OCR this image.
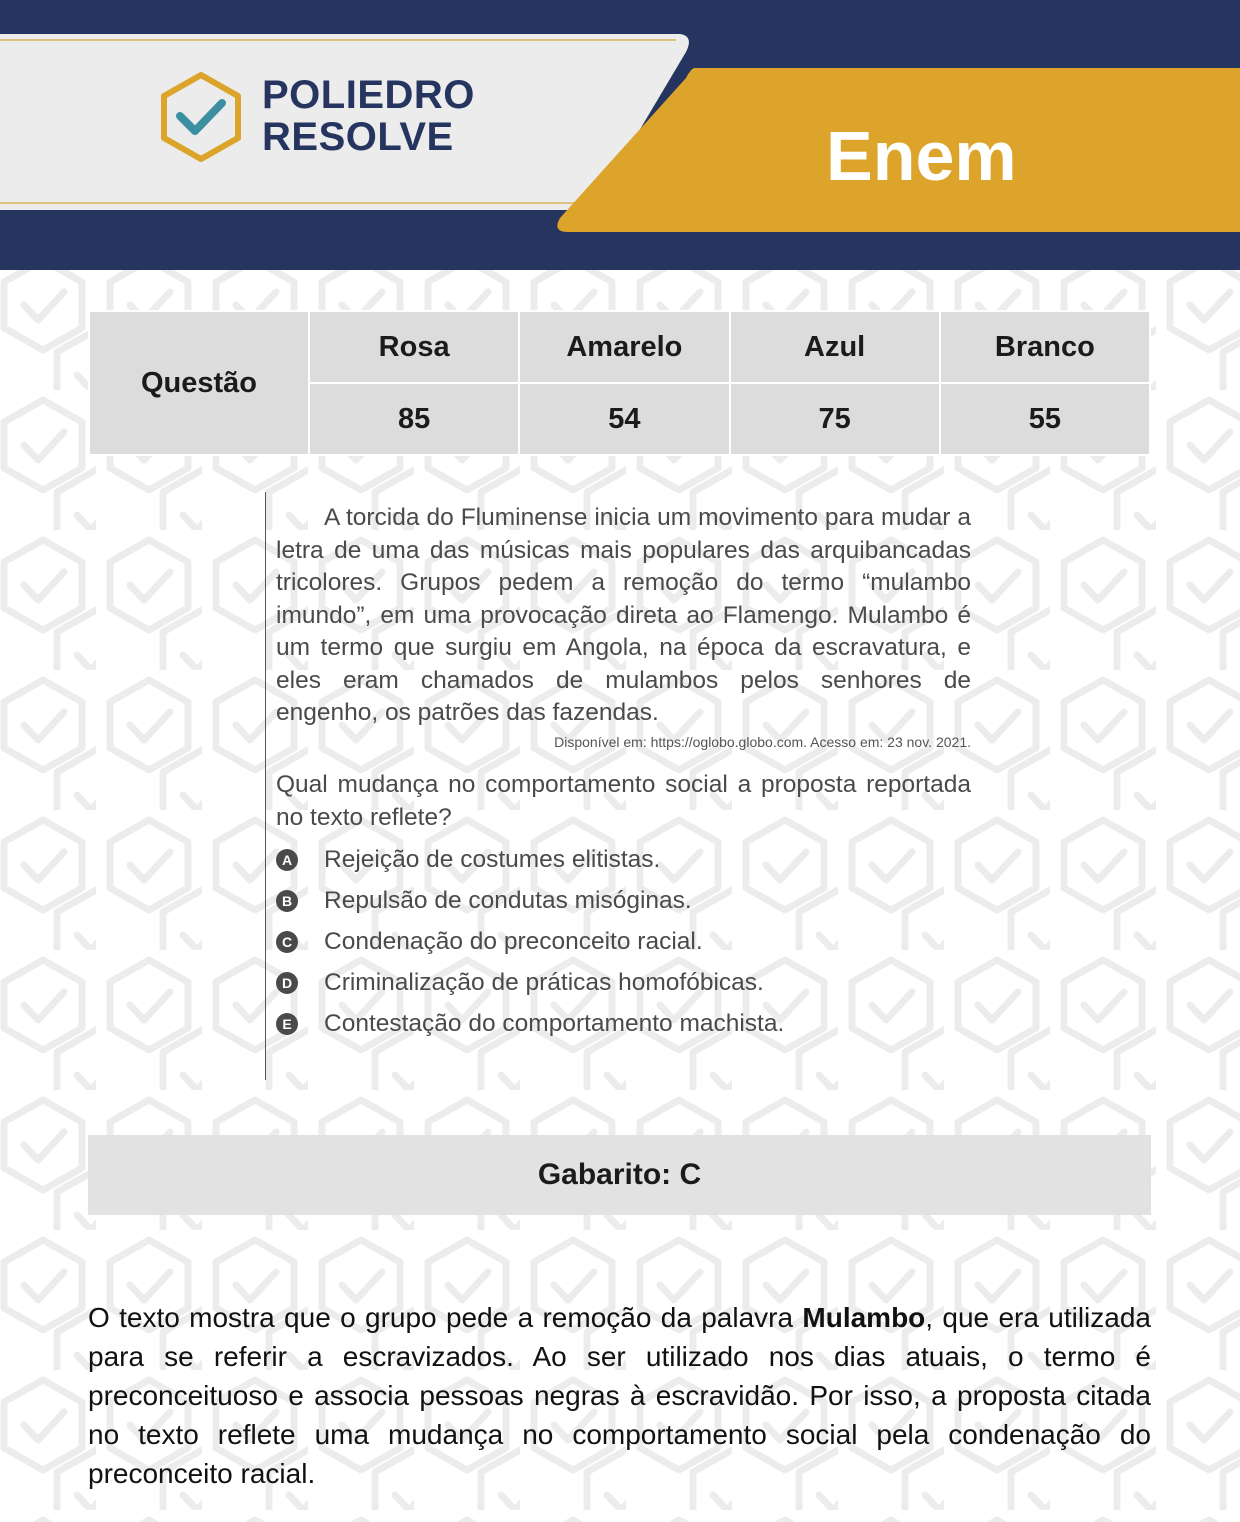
POLIEDRO
RESOLVE	Enem
Questão	Rosa	Amarelo	Azul	Branco
	85	54	75	55

A torcida do Fluminense inicia um movimento para mudar a letra de uma das músicas mais populares das arquibancadas tricolores. Grupos pedem a remoção do termo “mulambo imundo”, em uma provocação direta ao Flamengo. Mulambo é um termo que surgiu em Angola, na época da escravatura, e eles eram chamados de mulambos pelos senhores de engenho, os patrões das fazendas.

Disponível em: https://oglobo.globo.com. Acesso em: 23 nov. 2021.

Qual mudança no comportamento social a proposta reportada no texto reflete?

A Rejeição de costumes elitistas.
B Repulsão de condutas misóginas.
C Condenação do preconceito racial.
D Criminalização de práticas homofóbicas.
E Contestação do comportamento machista.
Gabarito: C

O texto mostra que o grupo pede a remoção da palavra Mulambo, que era utilizada para se referir a escravizados. Ao ser utilizado nos dias atuais, o termo é preconceituoso e associa pessoas negras à escravidão. Por isso, a proposta citada no texto reflete uma mudança no comportamento social pela condenação do preconceito racial.
